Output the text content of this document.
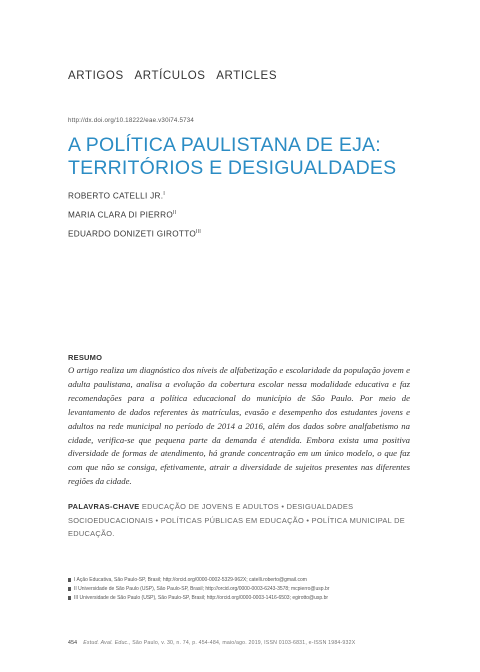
ARTIGOS   ARTÍCULOS   ARTICLES
http://dx.doi.org/10.18222/eae.v30i74.5734
A POLÍTICA PAULISTANA DE EJA: TERRITÓRIOS E DESIGUALDADES
ROBERTO CATELLI JR.$^I$
MARIA CLARA DI $PIERRO^{II}$
EDUARDO DONIZETI $GIROTTO^{III}$
RESUMO

O artigo realiza um diagnóstico dos níveis de alfabetização e escolaridade da população jovem e adulta paulistana, analisa a evolução da cobertura escolar nessa modalidade educativa e faz recomendações para a política educacional do município de São Paulo. Por meio de levantamento de dados referentes às matrículas, evasão e desempenho dos estudantes jovens e adultos na rede municipal no período de 2014 a 2016, além dos dados sobre analfabetismo na cidade, verifica-se que pequena parte da demanda é atendida. Embora exista uma positiva diversidade de formas de atendimento, há grande concentração em um único modelo, o que faz com que não se consiga, efetivamente, atrair a diversidade de sujeitos presentes nas diferentes regiões da cidade.

PALAVRAS-CHAVE EDUCAÇÃO DE JOVENS E ADULTOS • DESIGUALDADES SOCIOEDUCACIONAIS • POLÍTICAS PÚBLICAS EM EDUCAÇÃO • POLÍTICA MUNICIPAL DE EDUCAÇÃO.
I Ação Educativa, São Paulo-SP, Brasil; http://orcid.org/0000-0002-5329-962X; catelli.roberto@gmail.com
II Universidade de São Paulo (USP), São Paulo-SP, Brasil; http://orcid.org/0000-0003-6243-3578; mcpierro@usp.br
III Universidade de São Paulo (USP), São Paulo-SP, Brasil; http://orcid.org/0000-0003-1416-6503; egirotto@usp.br
454 Estud. Aval. Educ., São Paulo, v. 30, n. 74, p. 454-484, maio/ago. 2019, ISSN 0103-6831, e-ISSN 1984-932X
